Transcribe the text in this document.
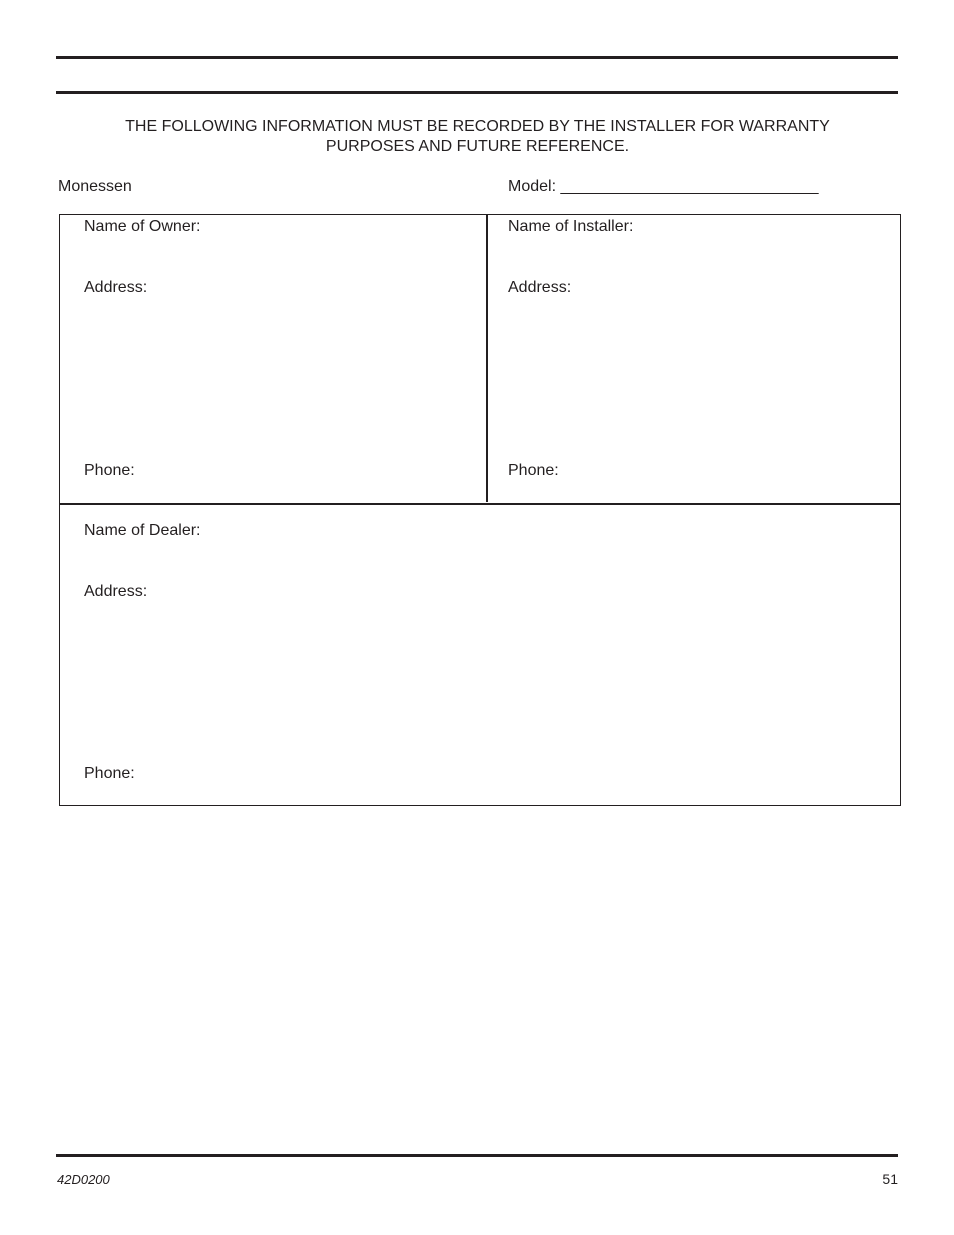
THE FOLLOWING INFORMATION MUST BE RECORDED BY THE INSTALLER FOR WARRANTY
PURPOSES AND FUTURE REFERENCE.
Monessen	Model: _____________________________
Name of Owner:
Address:
Phone:
Name of Installer:
Address:
Phone:
Name of Dealer:
Address:
Phone:
42D0200	51
